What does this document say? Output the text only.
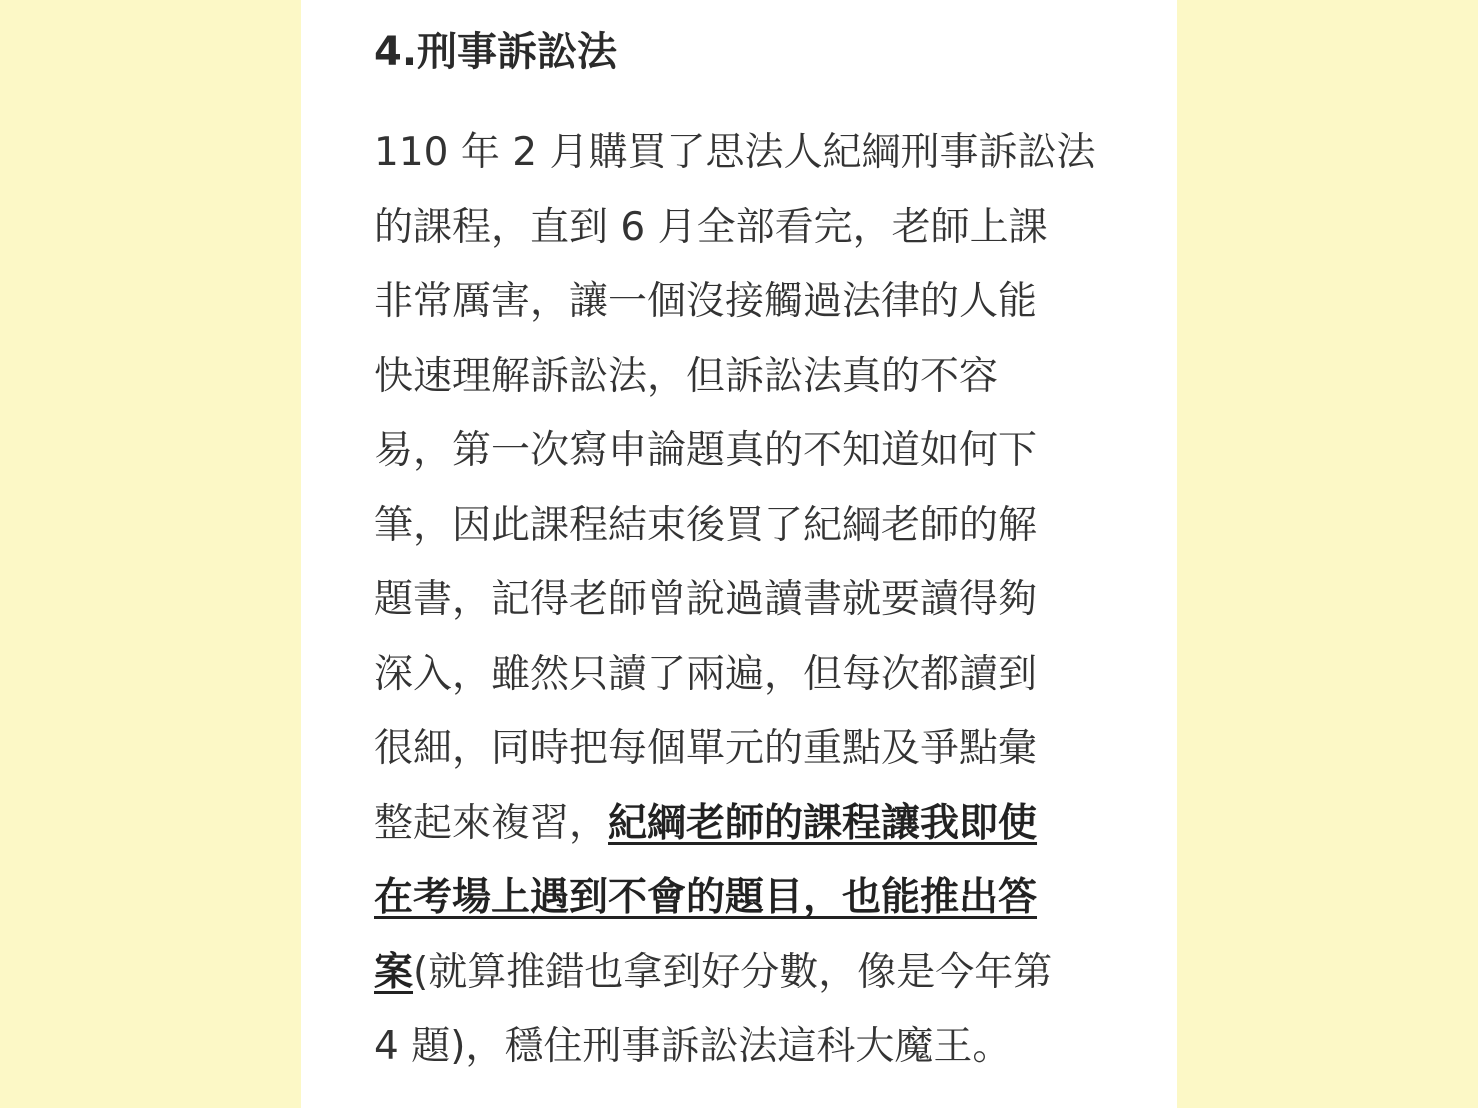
4.刑事訴訟法
110 年 2 月購買了思法人紀綱刑事訴訟法
的課程，直到 6 月全部看完，老師上課
非常厲害，讓一個沒接觸過法律的人能
快速理解訴訟法，但訴訟法真的不容
易，第一次寫申論題真的不知道如何下
筆，因此課程結束後買了紀綱老師的解
題書，記得老師曾說過讀書就要讀得夠
深入，雖然只讀了兩遍，但每次都讀到
很細，同時把每個單元的重點及爭點彙
整起來複習，紀綱老師的課程讓我即使
在考場上遇到不會的題目，也能推出答
案(就算推錯也拿到好分數，像是今年第
4 題)，穩住刑事訴訟法這科大魔王。
